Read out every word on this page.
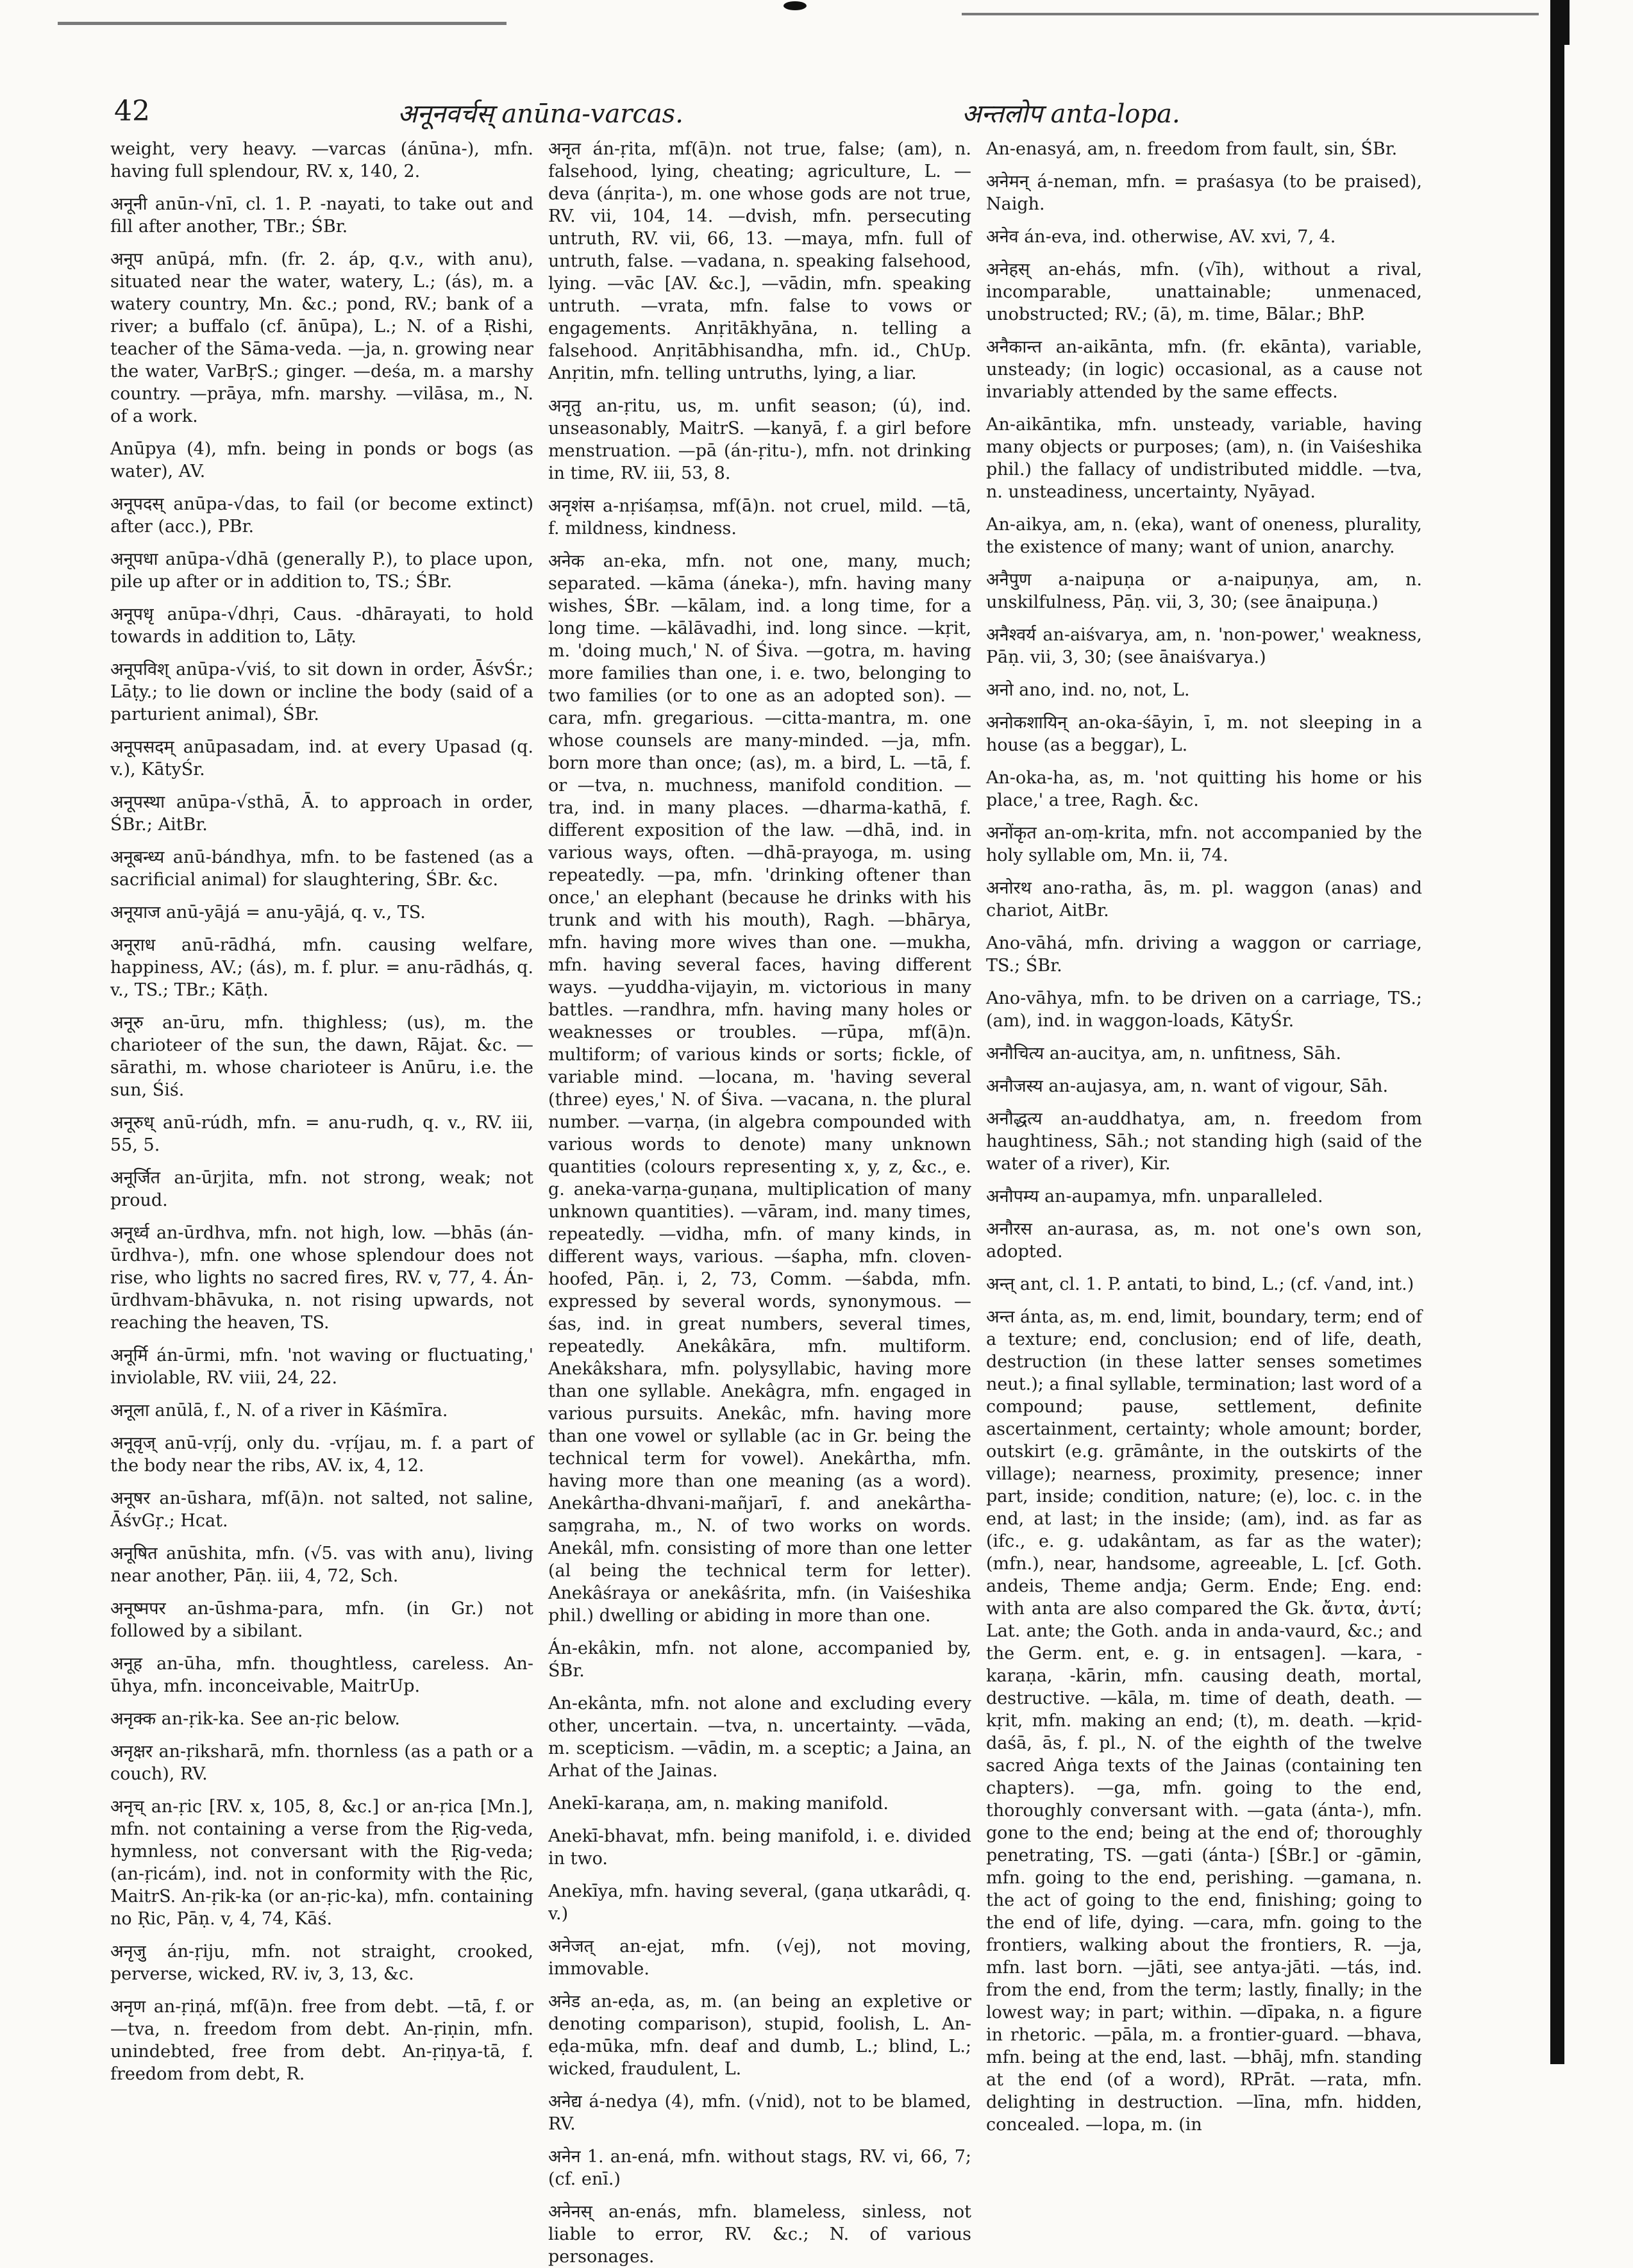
42	अनूनवर्चस् anūna-varcas.	अन्तलोप anta-lopa.

weight, very heavy. —varcas (ánūna-), mfn. having full splendour, RV. x, 140, 2.

अनूनी anūn-√nī, cl. 1. P. -nayati, to take out and fill after another, TBr.; ŚBr.

अनूप anūpá, mfn. (fr. 2. áp, q.v., with anu), situated near the water, watery, L.; (ás), m. a watery country, Mn. &c.; pond, RV.; bank of a river; a buffalo (cf. ānūpa), L.; N. of a Ṛishi, teacher of the Sāma-veda. —ja, n. growing near the water, VarBṛS.; ginger. —deśa, m. a marshy country. —prāya, mfn. marshy. —vilāsa, m., N. of a work.

Anūpya (4), mfn. being in ponds or bogs (as water), AV.

अनूपदस् anūpa-√das, to fail (or become extinct) after (acc.), PBr.

अनूपधा anūpa-√dhā (generally P.), to place upon, pile up after or in addition to, TS.; ŚBr.

अनूपधृ anūpa-√dhṛi, Caus. -dhārayati, to hold towards in addition to, Lāṭy.

अनूपविश् anūpa-√viś, to sit down in order, ĀśvŚr.; Lāṭy.; to lie down or incline the body (said of a parturient animal), ŚBr.

अनूपसदम् anūpasadam, ind. at every Upasad (q. v.), KātyŚr.

अनूपस्था anūpa-√sthā, Ā. to approach in order, ŚBr.; AitBr.

अनूबन्ध्य anū-bándhya, mfn. to be fastened (as a sacrificial animal) for slaughtering, ŚBr. &c.

अनूयाज anū-yājá = anu-yājá, q. v., TS.

अनूराध anū-rādhá, mfn. causing welfare, happiness, AV.; (ás), m. f. plur. = anu-rādhás, q. v., TS.; TBr.; Kāṭh.

अनूरु an-ūru, mfn. thighless; (us), m. the charioteer of the sun, the dawn, Rājat. &c. —sārathi, m. whose charioteer is Anūru, i.e. the sun, Śiś.

अनूरुध् anū-rúdh, mfn. = anu-rudh, q. v., RV. iii, 55, 5.

अनूर्जित an-ūrjita, mfn. not strong, weak; not proud.

अनूर्ध्व an-ūrdhva, mfn. not high, low. —bhās (án-ūrdhva-), mfn. one whose splendour does not rise, who lights no sacred fires, RV. v, 77, 4. Án-ūrdhvam-bhāvuka, n. not rising upwards, not reaching the heaven, TS.

अनूर्मि án-ūrmi, mfn. 'not waving or fluctuating,' inviolable, RV. viii, 24, 22.

अनूला anūlā, f., N. of a river in Kāśmīra.

अनूवृज् anū-vṛíj, only du. -vṛíjau, m. f. a part of the body near the ribs, AV. ix, 4, 12.

अनूषर an-ūshara, mf(ā)n. not salted, not saline, ĀśvGṛ.; Hcat.

अनूषित anūshita, mfn. (√5. vas with anu), living near another, Pāṇ. iii, 4, 72, Sch.

अनूष्मपर an-ūshma-para, mfn. (in Gr.) not followed by a sibilant.

अनूह an-ūha, mfn. thoughtless, careless. An-ūhya, mfn. inconceivable, MaitrUp.

अनृक्क an-ṛik-ka. See an-ṛic below.

अनृक्षर an-ṛiksharā, mfn. thornless (as a path or a couch), RV.

अनृच् an-ṛic [RV. x, 105, 8, &c.] or an-ṛica [Mn.], mfn. not containing a verse from the Ṛig-veda, hymnless, not conversant with the Ṛig-veda; (an-ṛicám), ind. not in conformity with the Ṛic, MaitrS. An-ṛik-ka (or an-ṛic-ka), mfn. containing no Ṛic, Pāṇ. v, 4, 74, Kāś.

अनृजु án-ṛiju, mfn. not straight, crooked, perverse, wicked, RV. iv, 3, 13, &c.

अनृण an-ṛiṇá, mf(ā)n. free from debt. —tā, f. or —tva, n. freedom from debt. An-ṛiṇin, mfn. unindebted, free from debt. An-ṛiṇya-tā, f. freedom from debt, R.

अनृत án-ṛita, mf(ā)n. not true, false; (am), n. falsehood, lying, cheating; agriculture, L. —deva (ánṛita-), m. one whose gods are not true, RV. vii, 104, 14. —dvish, mfn. persecuting untruth, RV. vii, 66, 13. —maya, mfn. full of untruth, false. —vadana, n. speaking falsehood, lying. —vāc [AV. &c.], —vādin, mfn. speaking untruth. —vrata, mfn. false to vows or engagements. Anṛitākhyāna, n. telling a falsehood. Anṛitābhisandha, mfn. id., ChUp. Anṛitin, mfn. telling untruths, lying, a liar.

अनृतु an-ṛitu, us, m. unfit season; (ú), ind. unseasonably, MaitrS. —kanyā, f. a girl before menstruation. —pā (án-ṛitu-), mfn. not drinking in time, RV. iii, 53, 8.

अनृशंस a-nṛiśaṃsa, mf(ā)n. not cruel, mild. —tā, f. mildness, kindness.

अनेक an-eka, mfn. not one, many, much; separated. —kāma (áneka-), mfn. having many wishes, ŚBr. —kālam, ind. a long time, for a long time. —kālāvadhi, ind. long since. —kṛit, m. 'doing much,' N. of Śiva. —gotra, m. having more families than one, i. e. two, belonging to two families (or to one as an adopted son). —cara, mfn. gregarious. —citta-mantra, m. one whose counsels are many-minded. —ja, mfn. born more than once; (as), m. a bird, L. —tā, f. or —tva, n. muchness, manifold condition. —tra, ind. in many places. —dharma-kathā, f. different exposition of the law. —dhā, ind. in various ways, often. —dhā-prayoga, m. using repeatedly. —pa, mfn. 'drinking oftener than once,' an elephant (because he drinks with his trunk and with his mouth), Ragh. —bhārya, mfn. having more wives than one. —mukha, mfn. having several faces, having different ways. —yuddha-vijayin, m. victorious in many battles. —randhra, mfn. having many holes or weaknesses or troubles. —rūpa, mf(ā)n. multiform; of various kinds or sorts; fickle, of variable mind. —locana, m. 'having several (three) eyes,' N. of Śiva. —vacana, n. the plural number. —varṇa, (in algebra compounded with various words to denote) many unknown quantities (colours representing x, y, z, &c., e. g. aneka-varṇa-guṇana, multiplication of many unknown quantities). —vāram, ind. many times, repeatedly. —vidha, mfn. of many kinds, in different ways, various. —śapha, mfn. cloven-hoofed, Pāṇ. i, 2, 73, Comm. —śabda, mfn. expressed by several words, synonymous. —śas, ind. in great numbers, several times, repeatedly. Anekâkāra, mfn. multiform. Anekâkshara, mfn. polysyllabic, having more than one syllable. Anekâgra, mfn. engaged in various pursuits. Anekâc, mfn. having more than one vowel or syllable (ac in Gr. being the technical term for vowel). Anekârtha, mfn. having more than one meaning (as a word). Anekârtha-dhvani-mañjarī, f. and anekârtha-saṃgraha, m., N. of two works on words. Anekâl, mfn. consisting of more than one letter (al being the technical term for letter). Anekâśraya or anekâśrita, mfn. (in Vaiśeshika phil.) dwelling or abiding in more than one.

Án-ekâkin, mfn. not alone, accompanied by, ŚBr.

An-ekânta, mfn. not alone and excluding every other, uncertain. —tva, n. uncertainty. —vāda, m. scepticism. —vādin, m. a sceptic; a Jaina, an Arhat of the Jainas.

Anekī-karaṇa, am, n. making manifold.

Anekī-bhavat, mfn. being manifold, i. e. divided in two.

Anekīya, mfn. having several, (gaṇa utkarâdi, q. v.)

अनेजत् an-ejat, mfn. (√ej), not moving, immovable.

अनेड an-eḍa, as, m. (an being an expletive or denoting comparison), stupid, foolish, L. An-eḍa-mūka, mfn. deaf and dumb, L.; blind, L.; wicked, fraudulent, L.

अनेद्य á-nedya (4), mfn. (√nid), not to be blamed, RV.

अनेन 1. an-ená, mfn. without stags, RV. vi, 66, 7; (cf. enī.)

अनेनस् an-enás, mfn. blameless, sinless, not liable to error, RV. &c.; N. of various personages.

An-enasyá, am, n. freedom from fault, sin, ŚBr.

अनेमन् á-neman, mfn. = praśasya (to be praised), Naigh.

अनेव án-eva, ind. otherwise, AV. xvi, 7, 4.

अनेहस् an-ehás, mfn. (√īh), without a rival, incomparable, unattainable; unmenaced, unobstructed; RV.; (ā), m. time, Bālar.; BhP.

अनैकान्त an-aikānta, mfn. (fr. ekānta), variable, unsteady; (in logic) occasional, as a cause not invariably attended by the same effects.

An-aikāntika, mfn. unsteady, variable, having many objects or purposes; (am), n. (in Vaiśeshika phil.) the fallacy of undistributed middle. —tva, n. unsteadiness, uncertainty, Nyāyad.

An-aikya, am, n. (eka), want of oneness, plurality, the existence of many; want of union, anarchy.

अनैपुण a-naipuṇa or a-naipuṇya, am, n. unskilfulness, Pāṇ. vii, 3, 30; (see ānaipuṇa.)

अनैश्वर्य an-aiśvarya, am, n. 'non-power,' weakness, Pāṇ. vii, 3, 30; (see ānaiśvarya.)

अनो ano, ind. no, not, L.

अनोकशायिन् an-oka-śāyin, ī, m. not sleeping in a house (as a beggar), L.

An-oka-ha, as, m. 'not quitting his home or his place,' a tree, Ragh. &c.

अनोंकृत an-oṃ-krita, mfn. not accompanied by the holy syllable om, Mn. ii, 74.

अनोरथ ano-ratha, ās, m. pl. waggon (anas) and chariot, AitBr.

Ano-vāhá, mfn. driving a waggon or carriage, TS.; ŚBr.

Ano-vāhya, mfn. to be driven on a carriage, TS.; (am), ind. in waggon-loads, KātyŚr.

अनौचित्य an-aucitya, am, n. unfitness, Sāh.

अनौजस्य an-aujasya, am, n. want of vigour, Sāh.

अनौद्धत्य an-auddhatya, am, n. freedom from haughtiness, Sāh.; not standing high (said of the water of a river), Kir.

अनौपम्य an-aupamya, mfn. unparalleled.

अनौरस an-aurasa, as, m. not one's own son, adopted.

अन्त् ant, cl. 1. P. antati, to bind, L.; (cf. √and, int.)

अन्त ánta, as, m. end, limit, boundary, term; end of a texture; end, conclusion; end of life, death, destruction (in these latter senses sometimes neut.); a final syllable, termination; last word of a compound; pause, settlement, definite ascertainment, certainty; whole amount; border, outskirt (e.g. grāmânte, in the outskirts of the village); nearness, proximity, presence; inner part, inside; condition, nature; (e), loc. c. in the end, at last; in the inside; (am), ind. as far as (ifc., e. g. udakântam, as far as the water); (mfn.), near, handsome, agreeable, L. [cf. Goth. andeis, Theme andja; Germ. Ende; Eng. end: with anta are also compared the Gk. ἄντα, ἀντί; Lat. ante; the Goth. anda in anda-vaurd, &c.; and the Germ. ent, e. g. in entsagen]. —kara, -karaṇa, -kārin, mfn. causing death, mortal, destructive. —kāla, m. time of death, death. —kṛit, mfn. making an end; (t), m. death. —kṛid-daśā, ās, f. pl., N. of the eighth of the twelve sacred Aṅga texts of the Jainas (containing ten chapters). —ga, mfn. going to the end, thoroughly conversant with. —gata (ánta-), mfn. gone to the end; being at the end of; thoroughly penetrating, TS. —gati (ánta-) [ŚBr.] or -gāmin, mfn. going to the end, perishing. —gamana, n. the act of going to the end, finishing; going to the end of life, dying. —cara, mfn. going to the frontiers, walking about the frontiers, R. —ja, mfn. last born. —jāti, see antya-jāti. —tás, ind. from the end, from the term; lastly, finally; in the lowest way; in part; within. —dīpaka, n. a figure in rhetoric. —pāla, m. a frontier-guard. —bhava, mfn. being at the end, last. —bhāj, mfn. standing at the end (of a word), RPrāt. —rata, mfn. delighting in destruction. —līna, mfn. hidden, concealed. —lopa, m. (in
